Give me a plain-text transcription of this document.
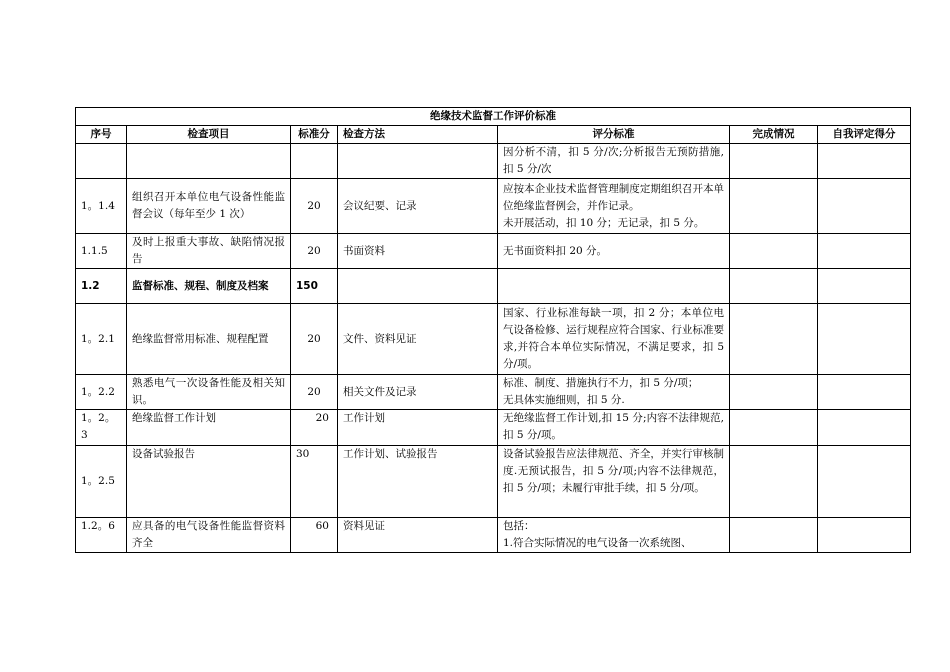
绝缘技术监督工作评价标准						
序号	检查项目	标准分	检查方法	评分标准	完成情况	自我评定得分
				因分析不清，扣 5 分/次;分析报告无预防措施,扣 5 分/次		
1。1.4	组织召开本单位电气设备性能监督会议（每年至少 1 次）	20	会议纪要、记录	应按本企业技术监督管理制度定期组织召开本单位绝缘监督例会，并作记录。
未开展活动，扣 10 分；无记录，扣 5 分。		

1.1.5	及时上报重大事故、缺陷情况报告	20	书面资料	无书面资料扣 20 分。		
1.2	监督标准、规程、制度及档案	150				
1。2.1	绝缘监督常用标准、规程配置	20	文件、资料见证	国家、行业标准每缺一项，扣 2 分；本单位电气设备检修、运行规程应符合国家、行业标准要求,并符合本单位实际情况，不满足要求，扣 5 分/项。		
1。2.2	熟悉电气一次设备性能及相关知识。	20	相关文件及记录	标准、制度、措施执行不力，扣 5 分/项；
无具体实施细则，扣 5 分.		

1。2。3	绝缘监督工作计划	20	工作计划	无绝缘监督工作计划,扣 15 分;内容不法律规范,扣 5 分/项。		
1。2.5	设备试验报告	30	工作计划、试验报告	设备试验报告应法律规范、齐全，并实行审核制度.无预试报告，扣 5 分/项;内容不法律规范，扣 5 分/项；未履行审批手续，扣 5 分/项。		
1.2。6	应具备的电气设备性能监督资料齐全	60	资料见证	包括：
1.符合实际情况的电气设备一次系统图、		
